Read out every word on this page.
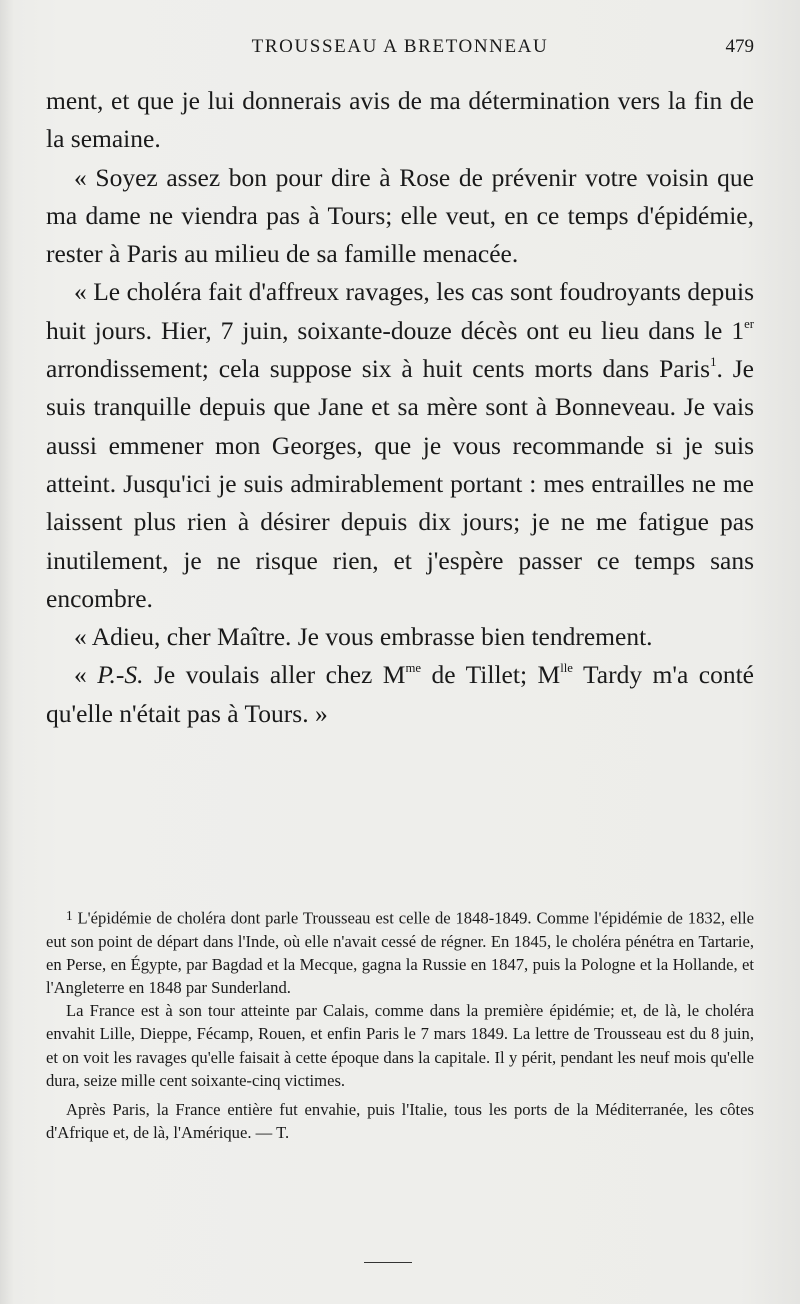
TROUSSEAU A BRETONNEAU	479

ment, et que je lui donnerais avis de ma détermination vers la fin de la semaine.

« Soyez assez bon pour dire à Rose de prévenir votre voisin que ma dame ne viendra pas à Tours; elle veut, en ce temps d'épidémie, rester à Paris au milieu de sa famille menacée.

« Le choléra fait d'affreux ravages, les cas sont foudroyants depuis huit jours. Hier, 7 juin, soixante-douze décès ont eu lieu dans le 1er arrondissement; cela suppose six à huit cents morts dans Paris$^1$. Je suis tranquille depuis que Jane et sa mère sont à Bonneveau. Je vais aussi emmener mon Georges, que je vous recommande si je suis atteint. Jusqu'ici je suis admirablement portant : mes entrailles ne me laissent plus rien à désirer depuis dix jours; je ne me fatigue pas inutilement, je ne risque rien, et j'espère passer ce temps sans encombre.

« Adieu, cher Maître. Je vous embrasse bien tendrement.

« P.-S. Je voulais aller chez $M^{me}$ de Tillet; $M^{lle}$ Tardy m'a conté qu'elle n'était pas à Tours. »

1 L'épidémie de choléra dont parle Trousseau est celle de 1848-1849. Comme l'épidémie de 1832, elle eut son point de départ dans l'Inde, où elle n'avait cessé de régner. En 1845, le choléra pénétra en Tartarie, en Perse, en Égypte, par Bagdad et la Mecque, gagna la Russie en 1847, puis la Pologne et la Hollande, et l'Angleterre en 1848 par Sunderland.

La France est à son tour atteinte par Calais, comme dans la première épidémie; et, de là, le choléra envahit Lille, Dieppe, Fécamp, Rouen, et enfin Paris le 7 mars 1849. La lettre de Trousseau est du 8 juin, et on voit les ravages qu'elle faisait à cette époque dans la capitale. Il y périt, pendant les neuf mois qu'elle dura, seize mille cent soixante-cinq victimes.

Après Paris, la France entière fut envahie, puis l'Italie, tous les ports de la Méditerranée, les côtes d'Afrique et, de là, l'Amérique. — T.
